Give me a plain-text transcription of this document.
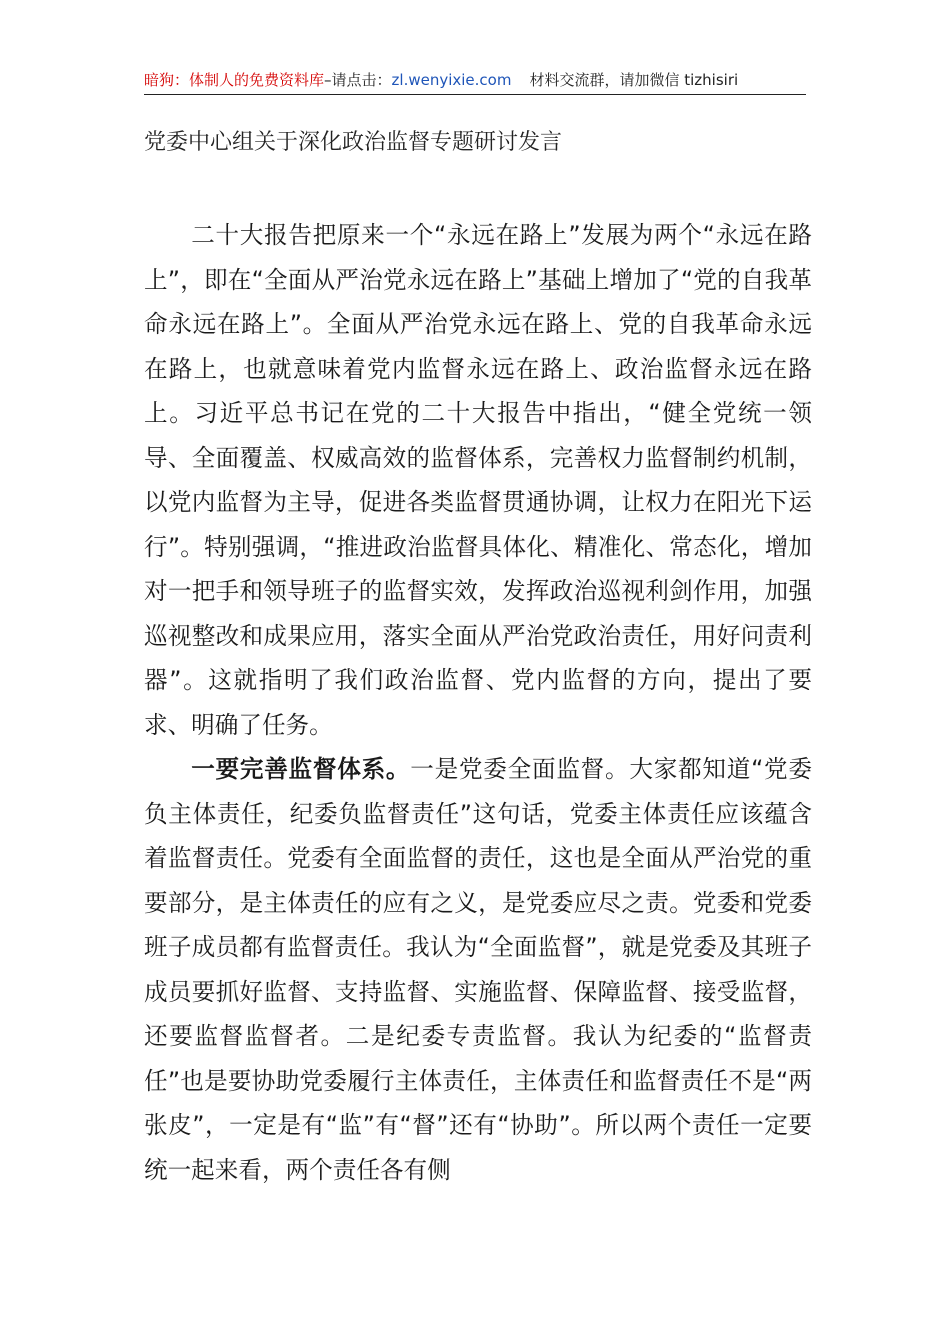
暗狗：体制人的免费资料库–请点击：zl.wenyixie.com 材料交流群，请加微信 tizhisiri
党委中心组关于深化政治监督专题研讨发言

二十大报告把原来一个“永远在路上”发展为两个“永远在路上”，即在“全面从严治党永远在路上”基础上增加了“党的自我革命永远在路上”。全面从严治党永远在路上、党的自我革命永远在路上，也就意味着党内监督永远在路上、政治监督永远在路上。习近平总书记在党的二十大报告中指出，“健全党统一领导、全面覆盖、权威高效的监督体系，完善权力监督制约机制，以党内监督为主导，促进各类监督贯通协调，让权力在阳光下运行”。特别强调，“推进政治监督具体化、精准化、常态化，增加对一把手和领导班子的监督实效，发挥政治巡视利剑作用，加强巡视整改和成果应用，落实全面从严治党政治责任，用好问责利器”。这就指明了我们政治监督、党内监督的方向，提出了要求、明确了任务。

一要完善监督体系。一是党委全面监督。大家都知道“党委负主体责任，纪委负监督责任”这句话，党委主体责任应该蕴含着监督责任。党委有全面监督的责任，这也是全面从严治党的重要部分，是主体责任的应有之义，是党委应尽之责。党委和党委班子成员都有监督责任。我认为“全面监督”，就是党委及其班子成员要抓好监督、支持监督、实施监督、保障监督、接受监督，还要监督监督者。二是纪委专责监督。我认为纪委的“监督责任”也是要协助党委履行主体责任，主体责任和监督责任不是“两张皮”，一定是有“监”有“督”还有“协助”。所以两个责任一定要统一起来看，两个责任各有侧
